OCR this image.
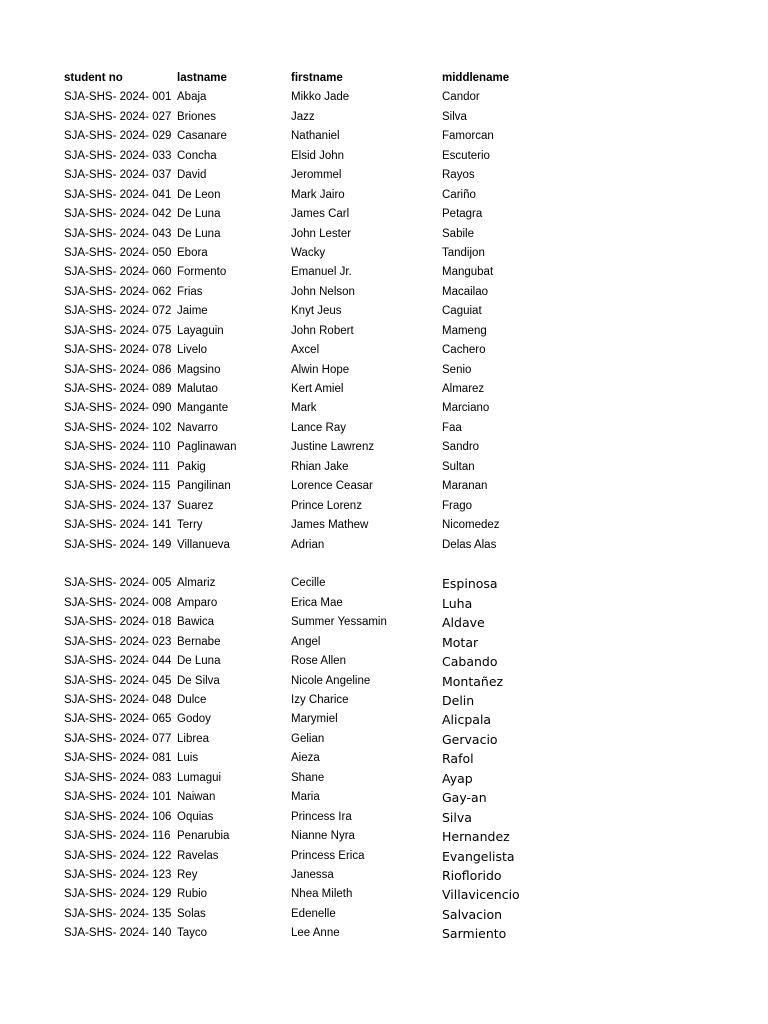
student no	lastname	firstname	middlename
SJA-SHS- 2024- 001 Abaja	Mikko Jade	Candor
SJA-SHS- 2024- 027 Briones	Jazz	Silva
SJA-SHS- 2024- 029 Casanare	Nathaniel	Famorcan
SJA-SHS- 2024- 033 Concha	Elsid John	Escuterio
SJA-SHS- 2024- 037 David	Jerommel	Rayos
SJA-SHS- 2024- 041 De Leon	Mark Jairo	Cariño
SJA-SHS- 2024- 042 De Luna	James Carl	Petagra
SJA-SHS- 2024- 043 De Luna	John Lester	Sabile
SJA-SHS- 2024- 050 Ebora	Wacky	Tandijon
SJA-SHS- 2024- 060 Formento	Emanuel Jr.	Mangubat
SJA-SHS- 2024- 062 Frias	John Nelson	Macailao
SJA-SHS- 2024- 072 Jaime	Knyt Jeus	Caguiat
SJA-SHS- 2024- 075 Layaguin	John Robert	Mameng
SJA-SHS- 2024- 078 Livelo	Axcel	Cachero
SJA-SHS- 2024- 086 Magsino	Alwin Hope	Senio
SJA-SHS- 2024- 089 Malutao	Kert Amiel	Almarez
SJA-SHS- 2024- 090 Mangante	Mark	Marciano
SJA-SHS- 2024- 102 Navarro	Lance Ray	Faa
SJA-SHS- 2024- 110 Paglinawan	Justine Lawrenz	Sandro
SJA-SHS- 2024- 111 Pakig	Rhian Jake	Sultan
SJA-SHS- 2024- 115 Pangilinan	Lorence Ceasar	Maranan
SJA-SHS- 2024- 137 Suarez	Prince Lorenz	Frago
SJA-SHS- 2024- 141 Terry	James Mathew	Nicomedez
SJA-SHS- 2024- 149 Villanueva	Adrian	Delas Alas
SJA-SHS- 2024- 005 Almariz	Cecille	Espinosa
SJA-SHS- 2024- 008 Amparo	Erica Mae	Luha
SJA-SHS- 2024- 018 Bawica	Summer Yessamin	Aldave
SJA-SHS- 2024- 023 Bernabe	Angel	Motar
SJA-SHS- 2024- 044 De Luna	Rose Allen	Cabando
SJA-SHS- 2024- 045 De Silva	Nicole Angeline	Montañez
SJA-SHS- 2024- 048 Dulce	Izy Charice	Delin
SJA-SHS- 2024- 065 Godoy	Marymiel	Alicpala
SJA-SHS- 2024- 077 Librea	Gelian	Gervacio
SJA-SHS- 2024- 081 Luis	Aieza	Rafol
SJA-SHS- 2024- 083 Lumagui	Shane	Ayap
SJA-SHS- 2024- 101 Naiwan	Maria	Gay-an
SJA-SHS- 2024- 106 Oquias	Princess Ira	Silva
SJA-SHS- 2024- 116 Penarubia	Nianne Nyra	Hernandez
SJA-SHS- 2024- 122 Ravelas	Princess Erica	Evangelista
SJA-SHS- 2024- 123 Rey	Janessa	Rioflorido
SJA-SHS- 2024- 129 Rubio	Nhea Mileth	Villavicencio
SJA-SHS- 2024- 135 Solas	Edenelle	Salvacion
SJA-SHS- 2024- 140 Tayco	Lee Anne	Sarmiento
